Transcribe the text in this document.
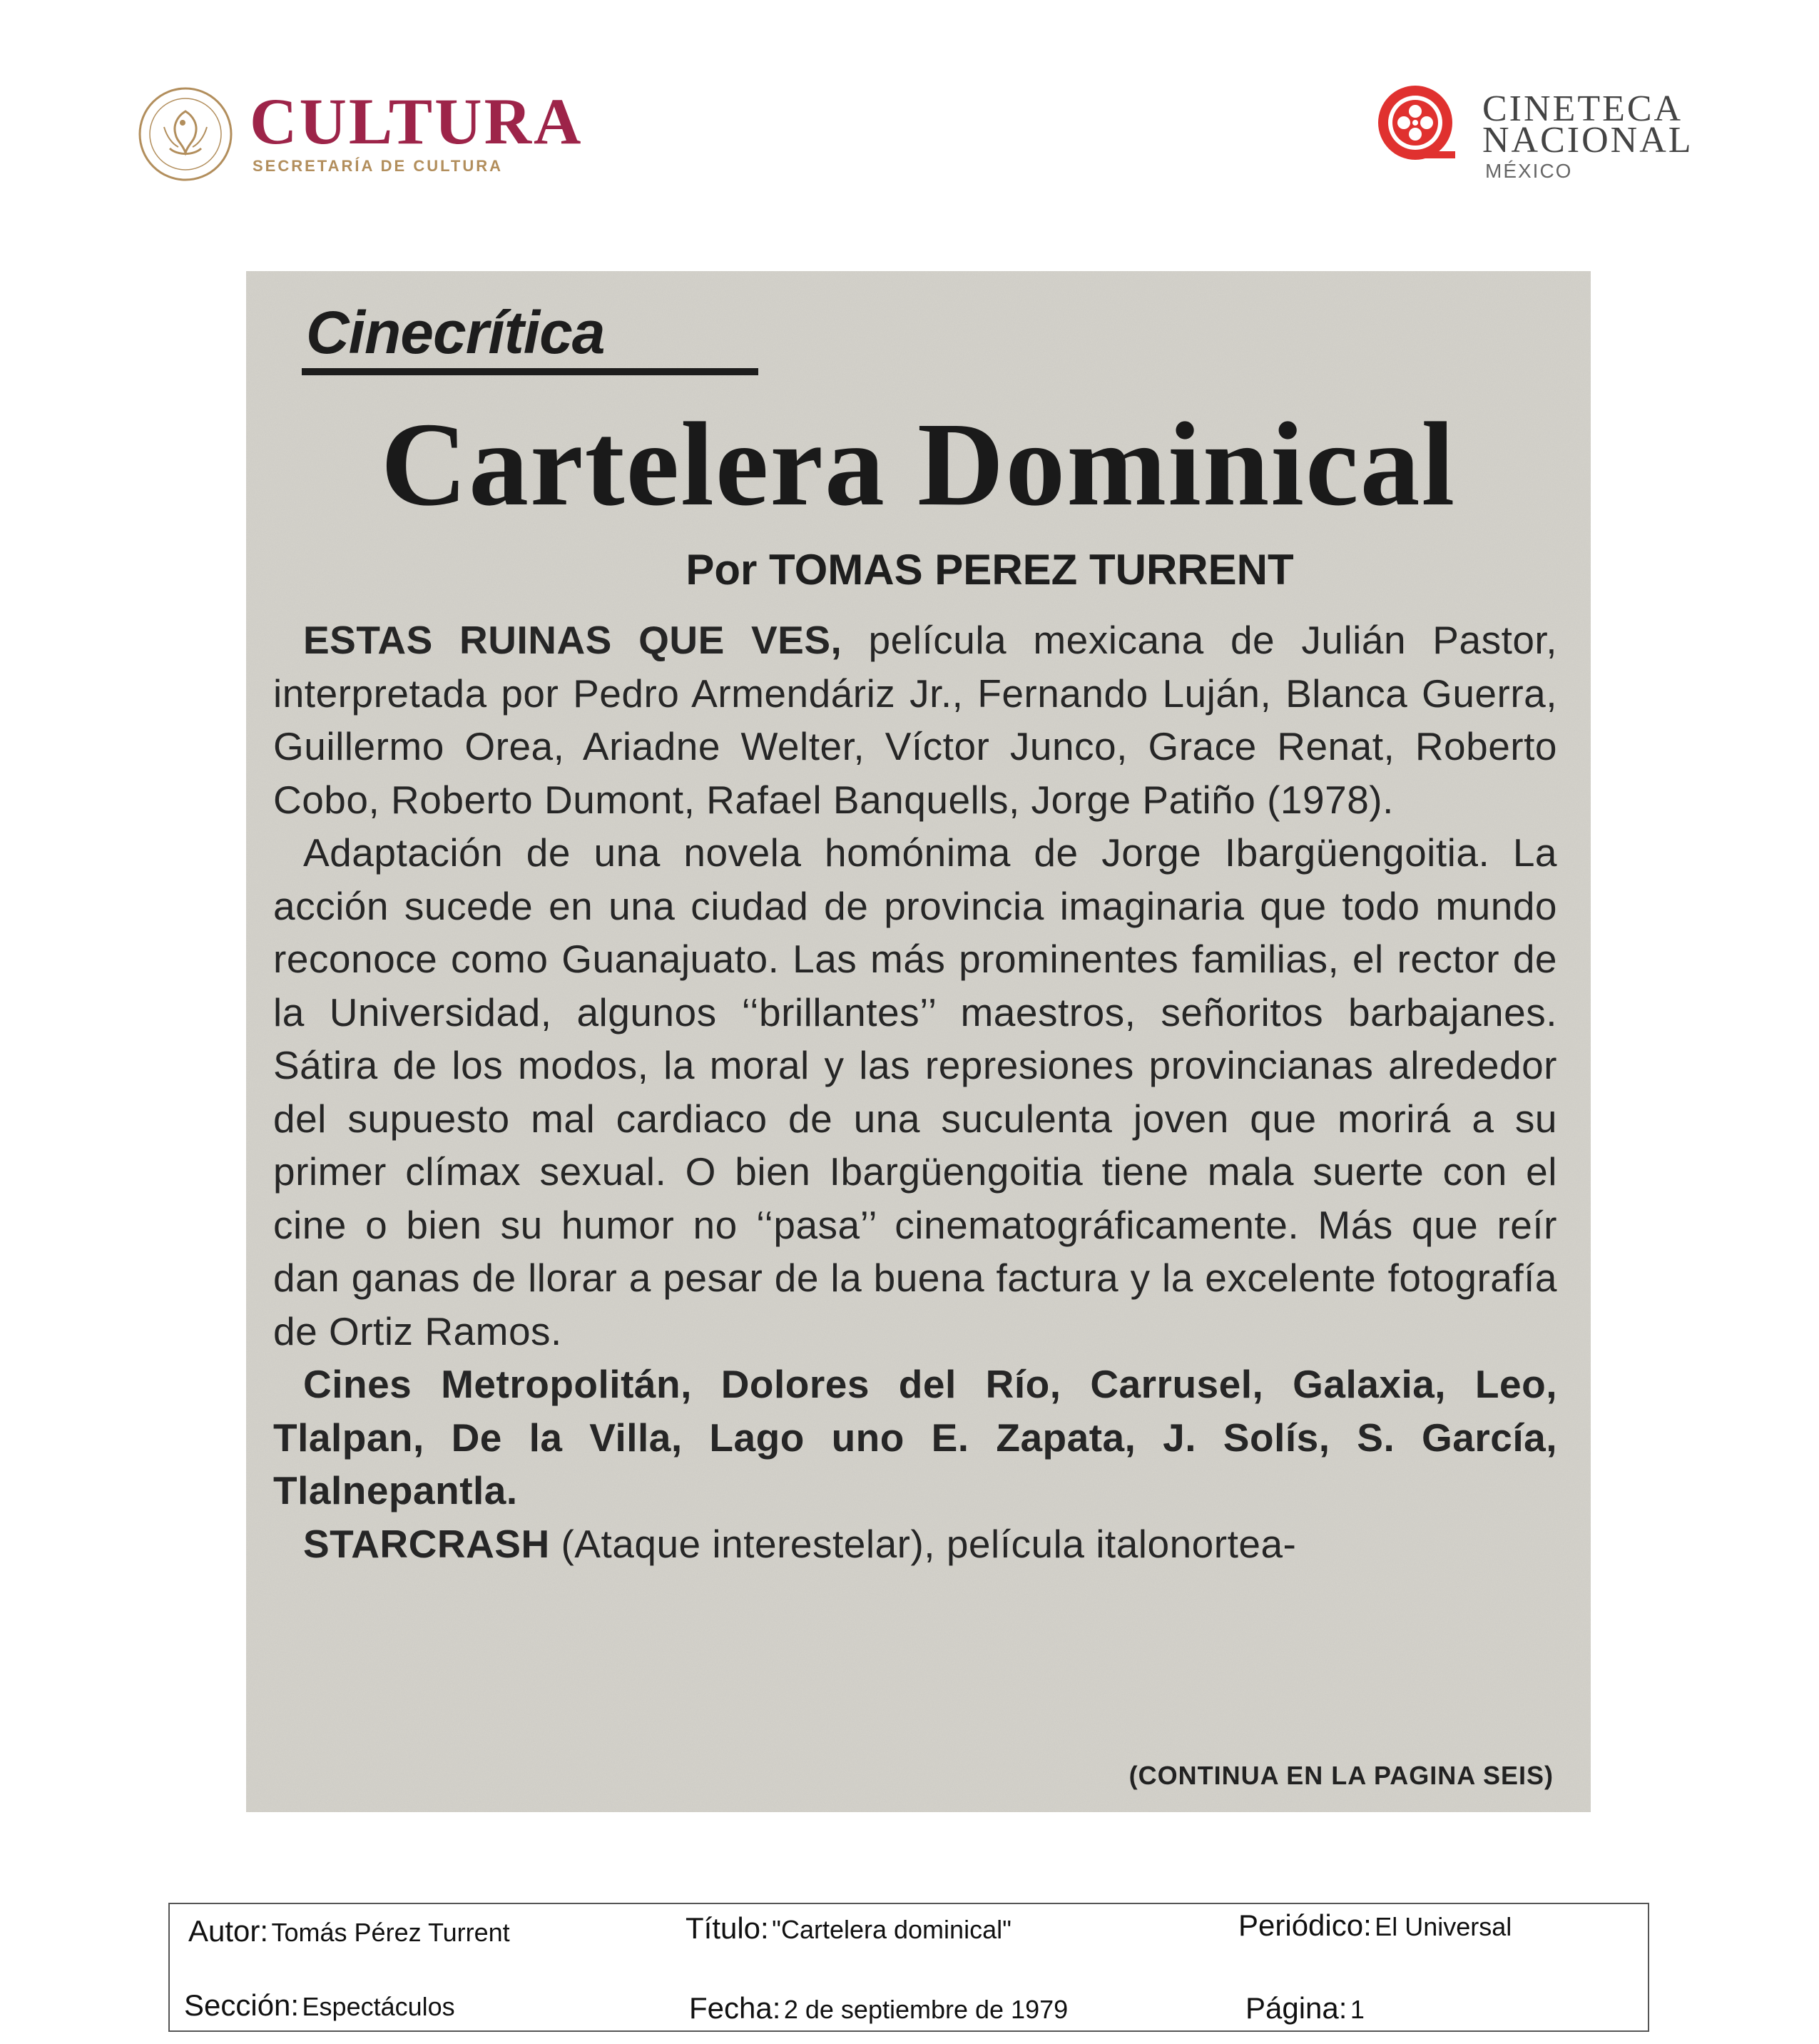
CULTURA
SECRETARÍA DE CULTURA
CINETECA
NACIONAL
MÉXICO
Cinecrítica
Cartelera Dominical
Por TOMAS PEREZ TURRENT

ESTAS RUINAS QUE VES, película mexicana de Julián Pastor, interpretada por Pedro Armendáriz Jr., Fernando Luján, Blanca Guerra, Guillermo Orea, Ariadne Welter, Víctor Junco, Grace Renat, Roberto Cobo, Roberto Dumont, Rafael Banquells, Jorge Patiño (1978).

Adaptación de una novela homónima de Jorge Ibargüengoitia. La acción sucede en una ciudad de provincia imaginaria que todo mundo reconoce como Guanajuato. Las más prominentes familias, el rector de la Universidad, algunos ‘‘brillantes’’ maestros, señoritos barbajanes. Sátira de los modos, la moral y las represiones provincianas alrededor del supuesto mal cardiaco de una suculenta joven que morirá a su primer clímax sexual. O bien Ibargüengoitia tiene mala suerte con el cine o bien su humor no ‘‘pasa’’ cinematográficamente. Más que reír dan ganas de llorar a pesar de la buena factura y la excelente fotografía de Ortiz Ramos.

Cines Metropolitán, Dolores del Río, Carrusel, Galaxia, Leo, Tlalpan, De la Villa, Lago uno E. Zapata, J. Solís, S. García, Tlalnepantla.

STARCRASH (Ataque interestelar), película italonortea-

(CONTINUA EN LA PAGINA SEIS)
Autor: Tomás Pérez Turrent	Título: "Cartelera dominical"	Periódico: El Universal
Sección: Espectáculos	Fecha: 2 de septiembre de 1979	Página: 1
